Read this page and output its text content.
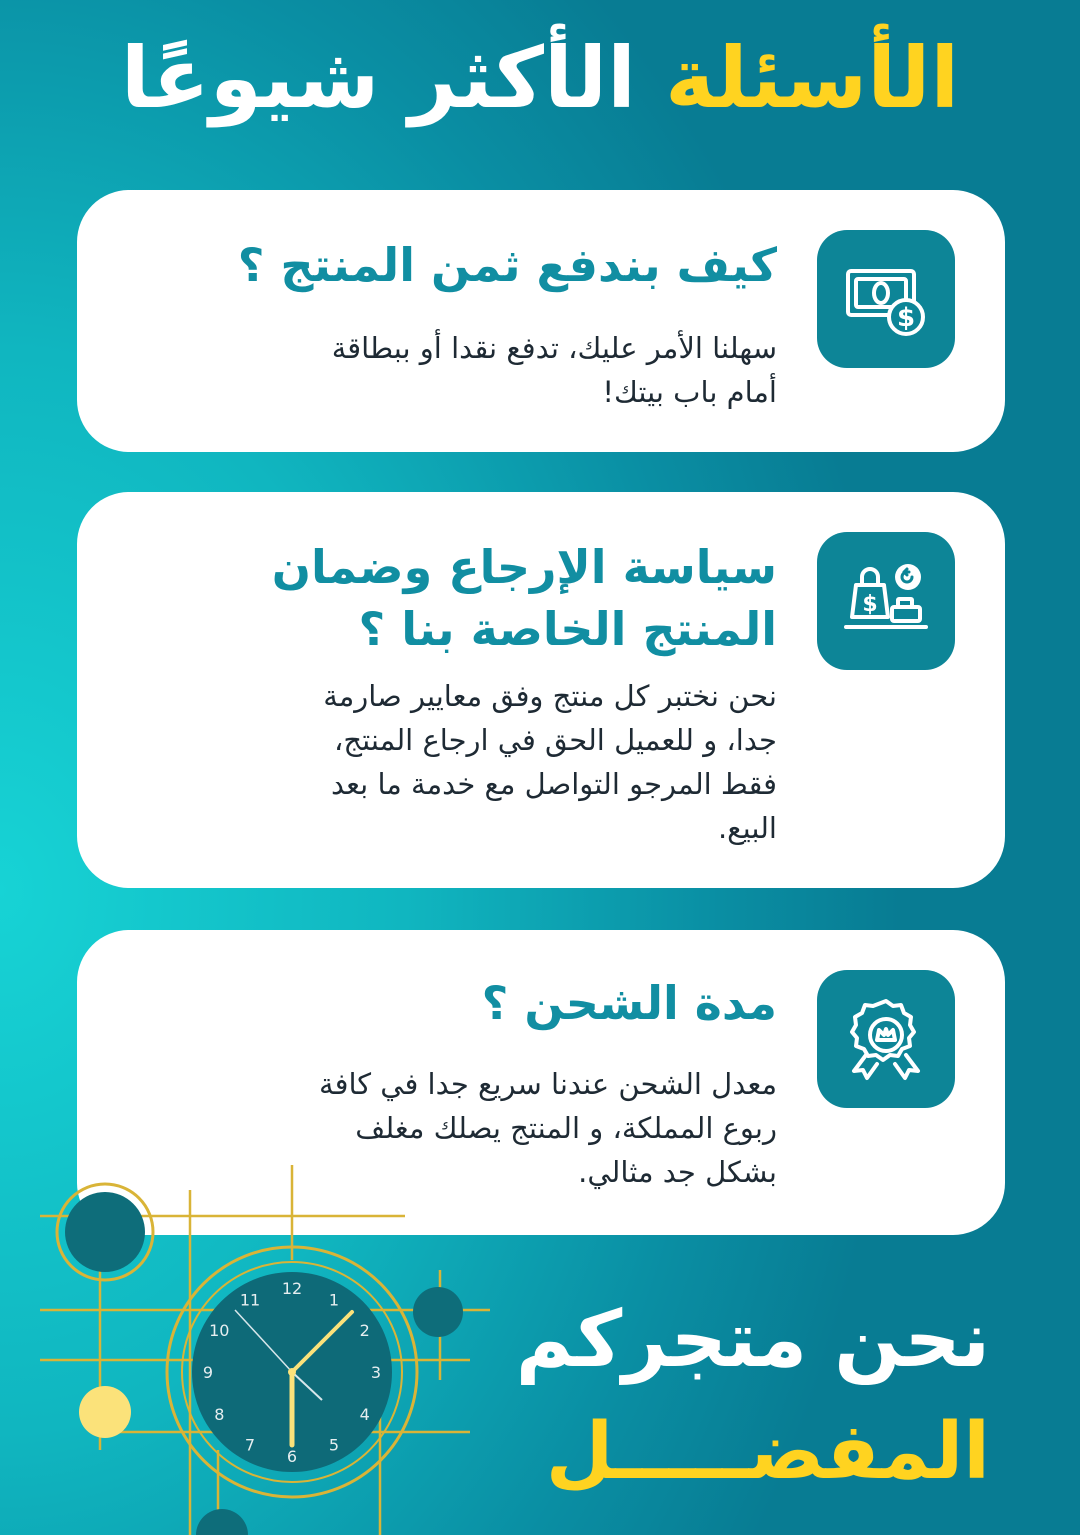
الأسئلة الأكثر شيوعًا
$
كيف بندفع ثمن المنتج ؟
سهلنا الأمر عليك، تدفع نقدا أو ببطاقة
أمام باب بيتك!
$
سياسة الإرجاع وضمان
المنتج الخاصة بنا ؟
نحن نختبر كل منتج وفق معايير صارمة
جدا، و للعميل الحق في ارجاع المنتج،
فقط المرجو التواصل مع خدمة ما بعد
البيع.
مدة الشحن ؟
معدل الشحن عندنا سريع جدا في كافة
ربوع المملكة، و المنتج يصلك مغلف
بشكل جد مثالي.
12
1
2
3
4
5
6
7
8
9
10
11	نحن متجركم
المفضـــــل
